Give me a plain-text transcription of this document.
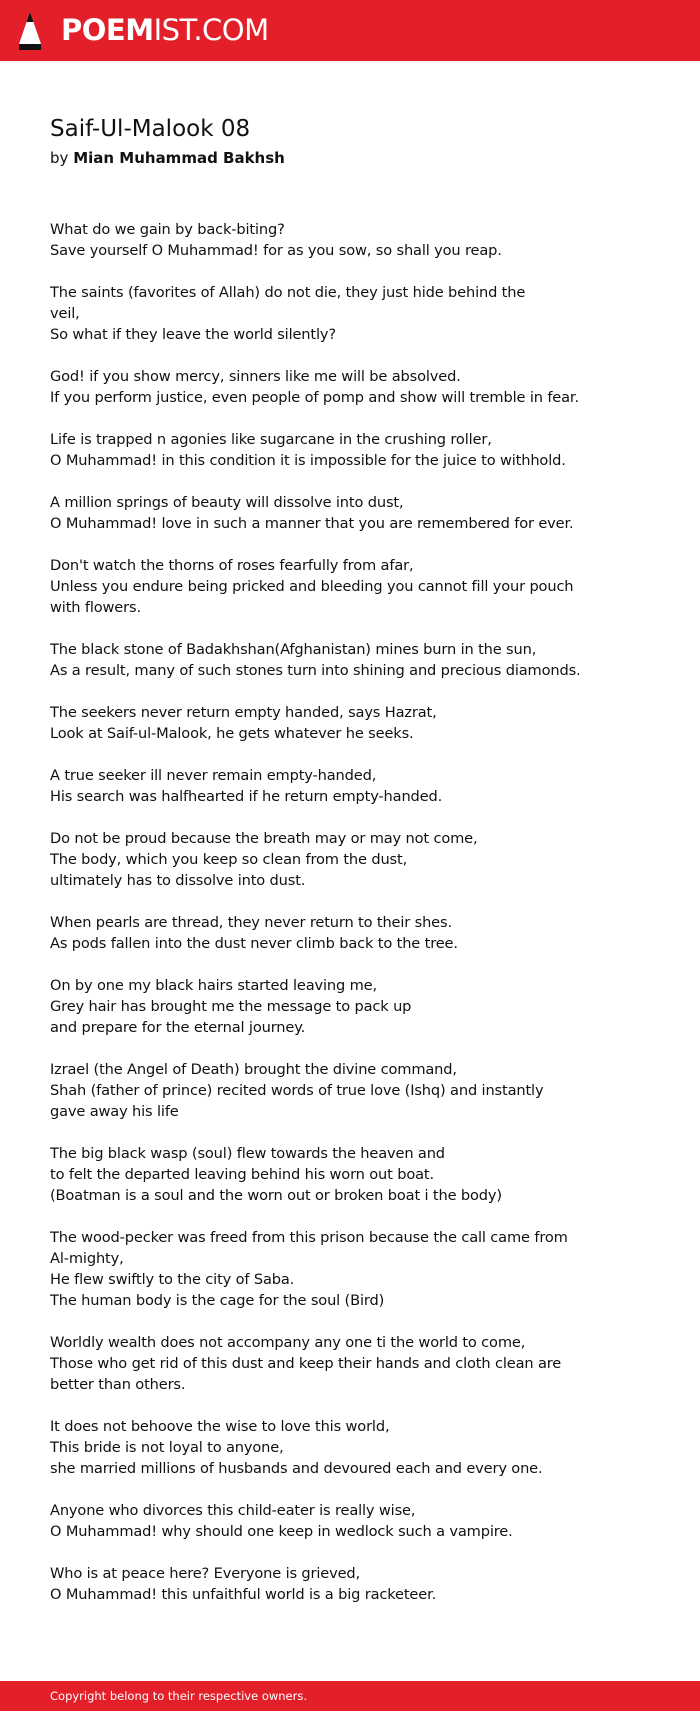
POEMIST.COM
Saif-Ul-Malook 08
by Mian Muhammad Bakhsh
What do we gain by back-biting?
Save yourself O Muhammad! for as you sow, so shall you reap.
The saints (favorites of Allah) do not die, they just hide behind the
veil,
So what if they leave the world silently?
God! if you show mercy, sinners like me will be absolved.
If you perform justice, even people of pomp and show will tremble in fear.
Life is trapped n agonies like sugarcane in the crushing roller,
O Muhammad! in this condition it is impossible for the juice to withhold.
A million springs of beauty will dissolve into dust,
O Muhammad! love in such a manner that you are remembered for ever.
Don't watch the thorns of roses fearfully from afar,
Unless you endure being pricked and bleeding you cannot fill your pouch
with flowers.
The black stone of Badakhshan(Afghanistan) mines burn in the sun,
As a result, many of such stones turn into shining and precious diamonds.
The seekers never return empty handed, says Hazrat,
Look at Saif-ul-Malook, he gets whatever he seeks.
A true seeker ill never remain empty-handed,
His search was halfhearted if he return empty-handed.
Do not be proud because the breath may or may not come,
The body, which you keep so clean from the dust,
ultimately has to dissolve into dust.
When pearls are thread, they never return to their shes.
As pods fallen into the dust never climb back to the tree.
On by one my black hairs started leaving me,
Grey hair has brought me the message to pack up
and prepare for the eternal journey.
Izrael (the Angel of Death) brought the divine command,
Shah (father of prince) recited words of true love (Ishq) and instantly
gave away his life
The big black wasp (soul) flew towards the heaven and
to felt the departed leaving behind his worn out boat.
(Boatman is a soul and the worn out or broken boat i the body)
The wood-pecker was freed from this prison because the call came from
Al-mighty,
He flew swiftly to the city of Saba.
The human body is the cage for the soul (Bird)
Worldly wealth does not accompany any one ti the world to come,
Those who get rid of this dust and keep their hands and cloth clean are
better than others.
It does not behoove the wise to love this world,
This bride is not loyal to anyone,
she married millions of husbands and devoured each and every one.
Anyone who divorces this child-eater is really wise,
O Muhammad! why should one keep in wedlock such a vampire.
Who is at peace here? Everyone is grieved,
O Muhammad! this unfaithful world is a big racketeer.
Copyright belong to their respective owners.
